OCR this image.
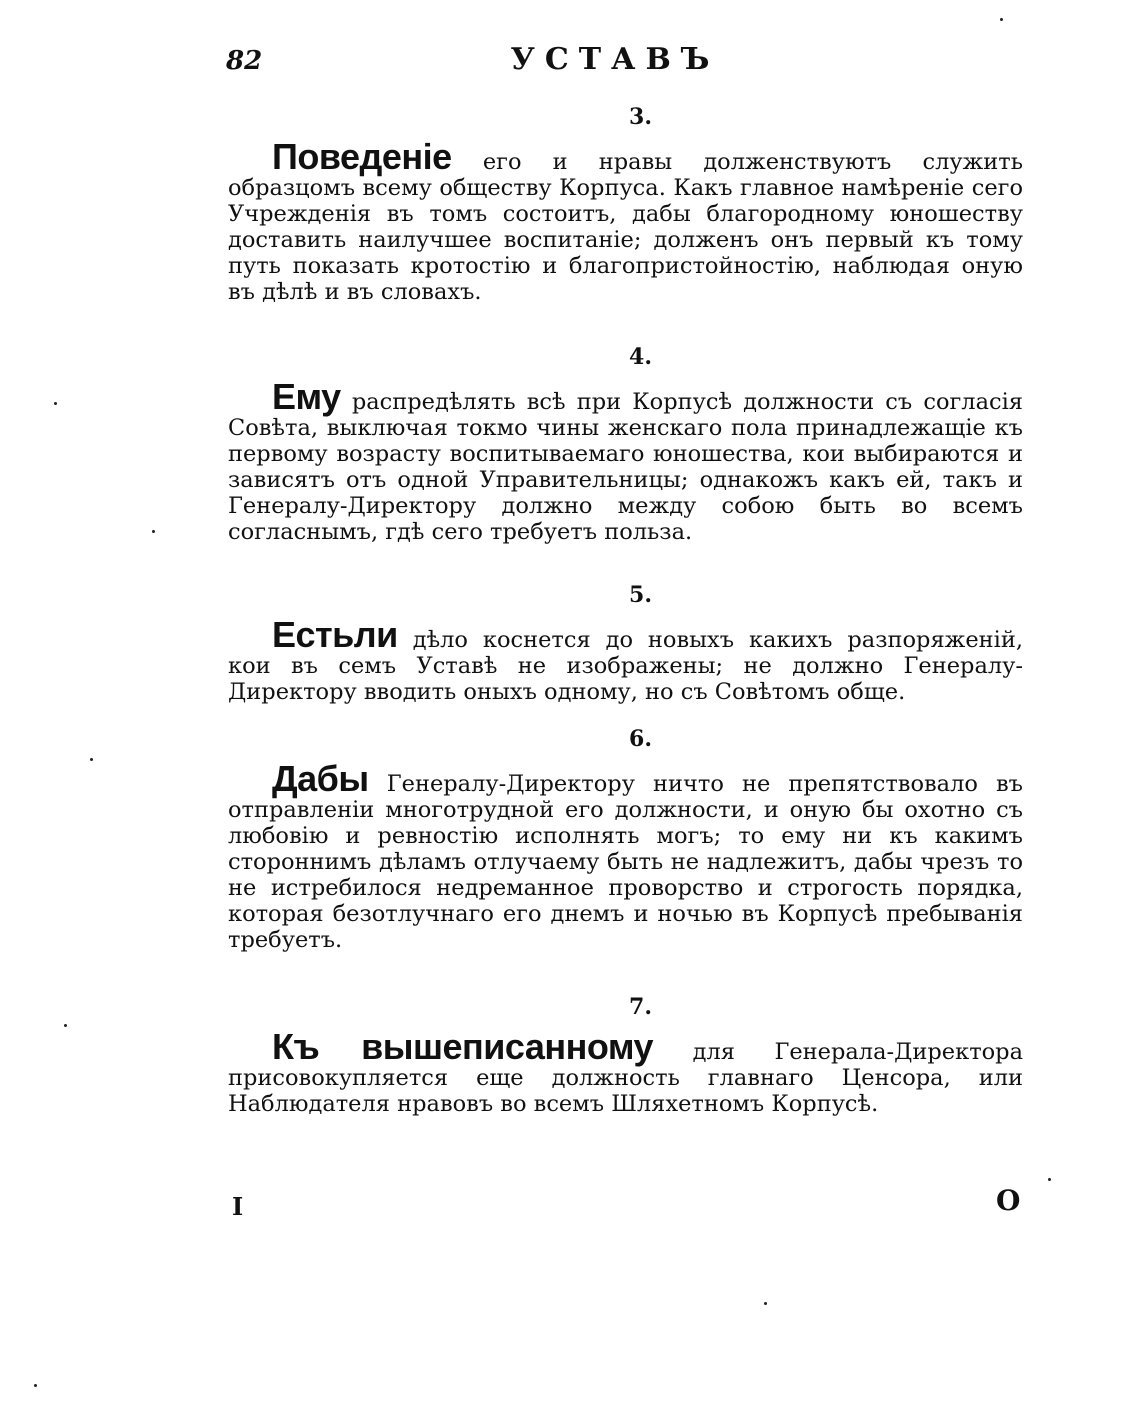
82	УСТАВЪ
3.

Поведеніе его и нравы долженствуютъ служить образцомъ всему обществу Корпуса. Какъ главное намѣреніе сего Учрежденія въ томъ состоитъ, дабы благородному юношеству доставить наилучшее воспитаніе; долженъ онъ первый къ тому путь показать кротостію и благопристойностію, наблюдая оную въ дѣлѣ и въ словахъ.

4.

Ему распредѣлять всѣ при Корпусѣ должности съ согласія Совѣта, выключая токмо чины женскаго пола принадлежащіе къ первому возрасту воспитываемаго юношества, кои выбираются и зависятъ отъ одной Управительницы; однакожъ какъ ей, такъ и Генералу-Директору должно между собою быть во всемъ согласнымъ, гдѣ сего требуетъ польза.

5.

Естьли дѣло коснется до новыхъ какихъ разпоряженій, кои въ семъ Уставѣ не изображены; не должно Генералу-Директору вводить оныхъ одному, но съ Совѣтомъ обще.

6.

Дабы Генералу-Директору ничто не препятствовало въ отправленіи многотрудной его должности, и оную бы охотно съ любовію и ревностію исполнять могъ; то ему ни къ какимъ стороннимъ дѣламъ отлучаему быть не надлежитъ, дабы чрезъ то не истребилося недреманное проворство и строгость порядка, которая безотлучнаго его днемъ и ночью въ Корпусѣ пребыванія требуетъ.

7.

Къ вышеписанному для Генерала-Директора присовокупляется еще должность главнаго Ценсора, или Наблюдателя нравовъ во всемъ Шляхетномъ Корпусѣ.

I	О
